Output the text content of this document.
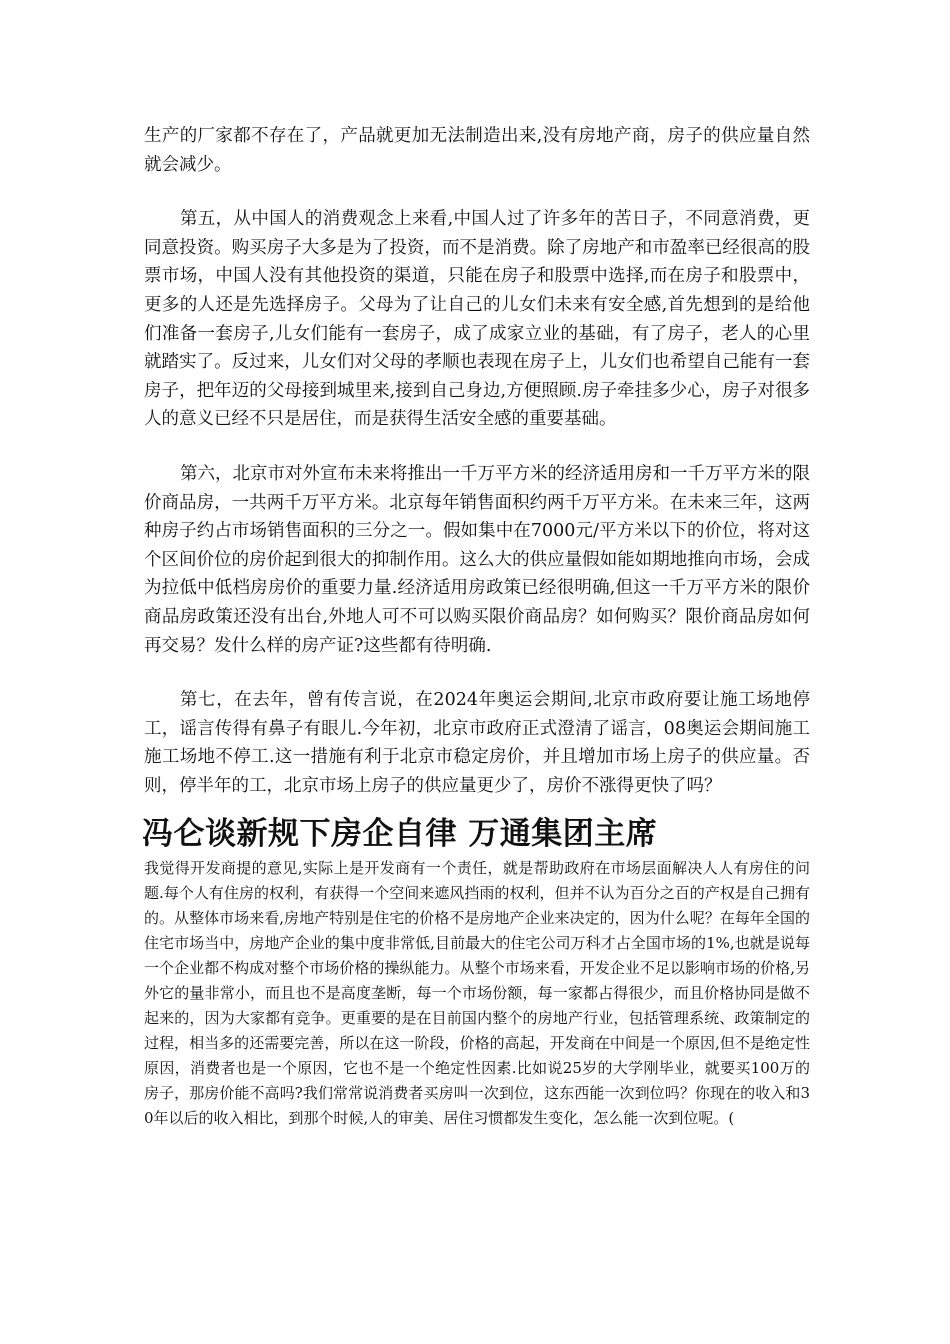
生产的厂家都不存在了，产品就更加无法制造出来,没有房地产商，房子的供应量自然就会减少。

第五，从中国人的消费观念上来看,中国人过了许多年的苦日子，不同意消费，更同意投资。购买房子大多是为了投资，而不是消费。除了房地产和市盈率已经很高的股票市场，中国人没有其他投资的渠道，只能在房子和股票中选择,而在房子和股票中，更多的人还是先选择房子。父母为了让自己的儿女们未来有安全感,首先想到的是给他们准备一套房子,儿女们能有一套房子，成了成家立业的基础，有了房子，老人的心里就踏实了。反过来，儿女们对父母的孝顺也表现在房子上，儿女们也希望自己能有一套房子，把年迈的父母接到城里来,接到自己身边,方便照顾.房子牵挂多少心，房子对很多人的意义已经不只是居住，而是获得生活安全感的重要基础。

第六，北京市对外宣布未来将推出一千万平方米的经济适用房和一千万平方米的限价商品房，一共两千万平方米。北京每年销售面积约两千万平方米。在未来三年，这两种房子约占市场销售面积的三分之一。假如集中在7000元/平方米以下的价位，将对这个区间价位的房价起到很大的抑制作用。这么大的供应量假如能如期地推向市场，会成为拉低中低档房房价的重要力量.经济适用房政策已经很明确,但这一千万平方米的限价商品房政策还没有出台,外地人可不可以购买限价商品房？如何购买？限价商品房如何再交易？发什么样的房产证?这些都有待明确.

第七，在去年，曾有传言说，在2024年奥运会期间,北京市政府要让施工场地停工，谣言传得有鼻子有眼儿.今年初，北京市政府正式澄清了谣言，08奥运会期间施工施工场地不停工.这一措施有利于北京市稳定房价，并且增加市场上房子的供应量。否则，停半年的工，北京市场上房子的供应量更少了，房价不涨得更快了吗？

冯仑谈新规下房企自律 万通集团主席

我觉得开发商提的意见,实际上是开发商有一个责任，就是帮助政府在市场层面解决人人有房住的问题.每个人有住房的权利，有获得一个空间来遮风挡雨的权利，但并不认为百分之百的产权是自己拥有的。从整体市场来看,房地产特别是住宅的价格不是房地产企业来决定的，因为什么呢？在每年全国的住宅市场当中，房地产企业的集中度非常低,目前最大的住宅公司万科才占全国市场的1%,也就是说每一个企业都不构成对整个市场价格的操纵能力。从整个市场来看，开发企业不足以影响市场的价格,另外它的量非常小，而且也不是高度垄断，每一个市场份额，每一家都占得很少，而且价格协同是做不起来的，因为大家都有竞争。更重要的是在目前国内整个的房地产行业，包括管理系统、政策制定的过程，相当多的还需要完善，所以在这一阶段，价格的高起，开发商在中间是一个原因,但不是绝定性原因，消费者也是一个原因，它也不是一个绝定性因素.比如说25岁的大学刚毕业，就要买100万的房子，那房价能不高吗?我们常常说消费者买房叫一次到位，这东西能一次到位吗？你现在的收入和30年以后的收入相比，到那个时候,人的审美、居住习惯都发生变化，怎么能一次到位呢。(
